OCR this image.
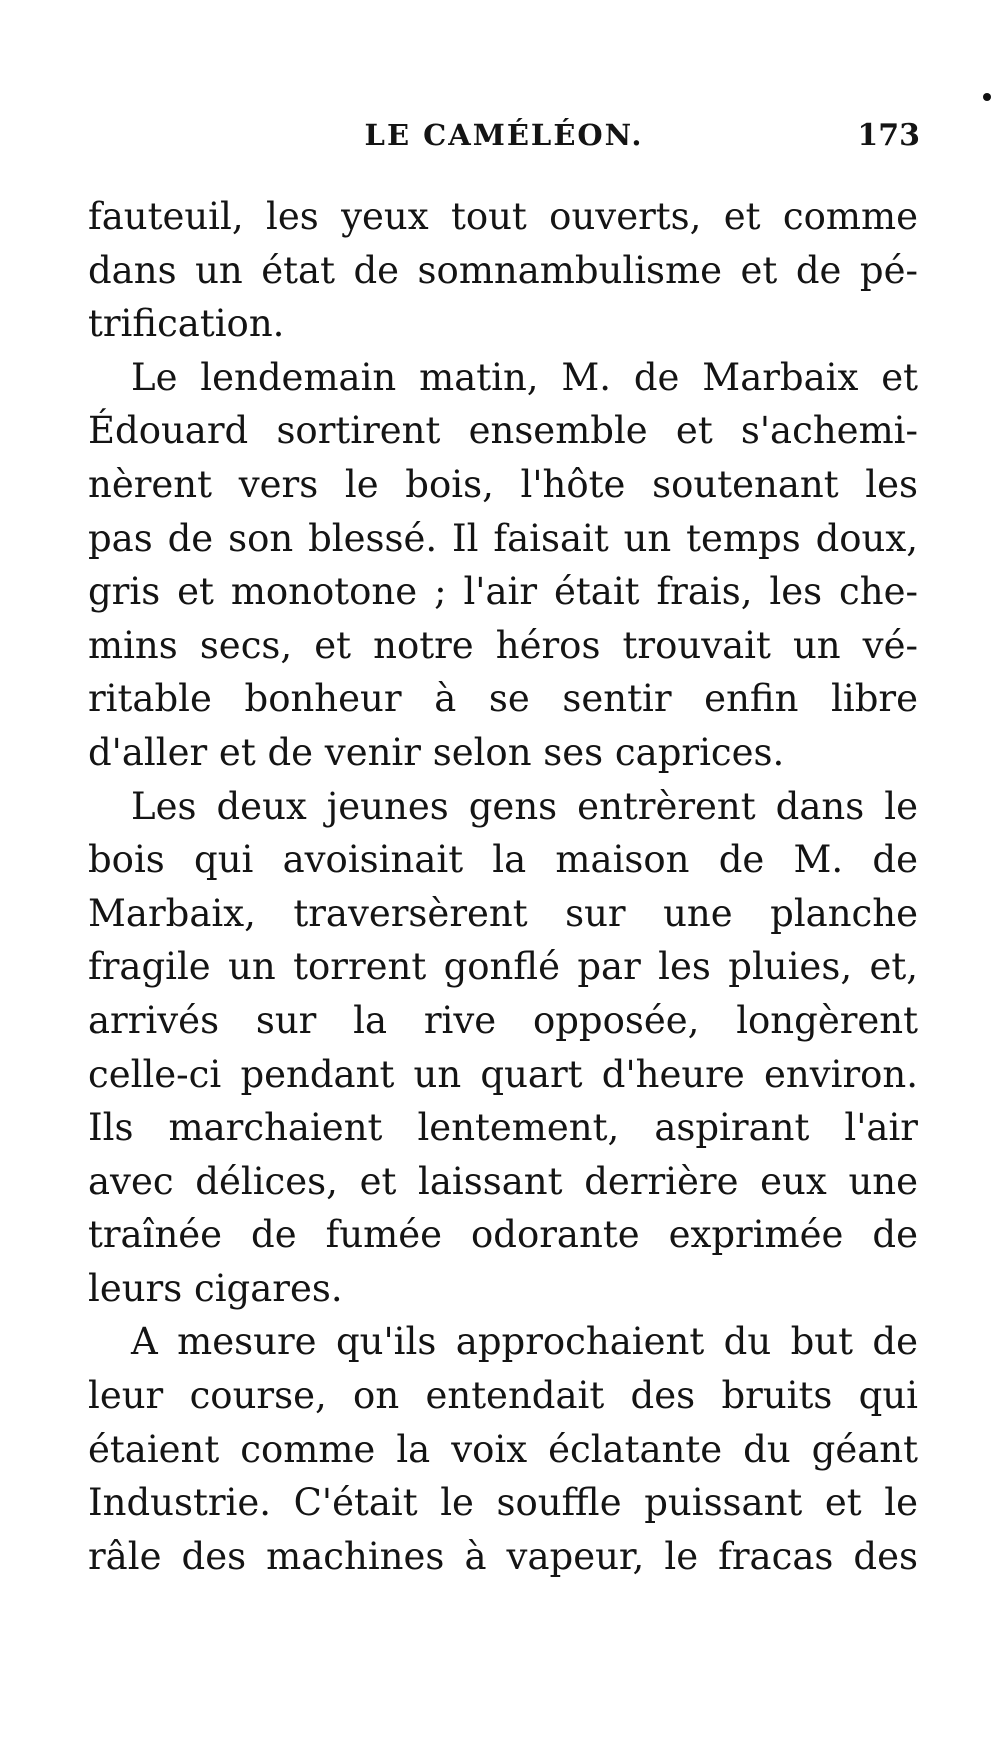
LE CAMÉLÉON.	173
fauteuil, les yeux tout ouverts, et comme
dans un état de somnambulisme et de pé-
trification.
Le lendemain matin, M. de Marbaix et
Édouard sortirent ensemble et s'achemi-
nèrent vers le bois, l'hôte soutenant les
pas de son blessé. Il faisait un temps doux,
gris et monotone ; l'air était frais, les che-
mins secs, et notre héros trouvait un vé-
ritable bonheur à se sentir enfin libre
d'aller et de venir selon ses caprices.
Les deux jeunes gens entrèrent dans le
bois qui avoisinait la maison de M. de
Marbaix, traversèrent sur une planche
fragile un torrent gonflé par les pluies, et,
arrivés sur la rive opposée, longèrent
celle-ci pendant un quart d'heure environ.
Ils marchaient lentement, aspirant l'air
avec délices, et laissant derrière eux une
traînée de fumée odorante exprimée de
leurs cigares.
A mesure qu'ils approchaient du but de
leur course, on entendait des bruits qui
étaient comme la voix éclatante du géant
Industrie. C'était le souffle puissant et le
râle des machines à vapeur, le fracas des
